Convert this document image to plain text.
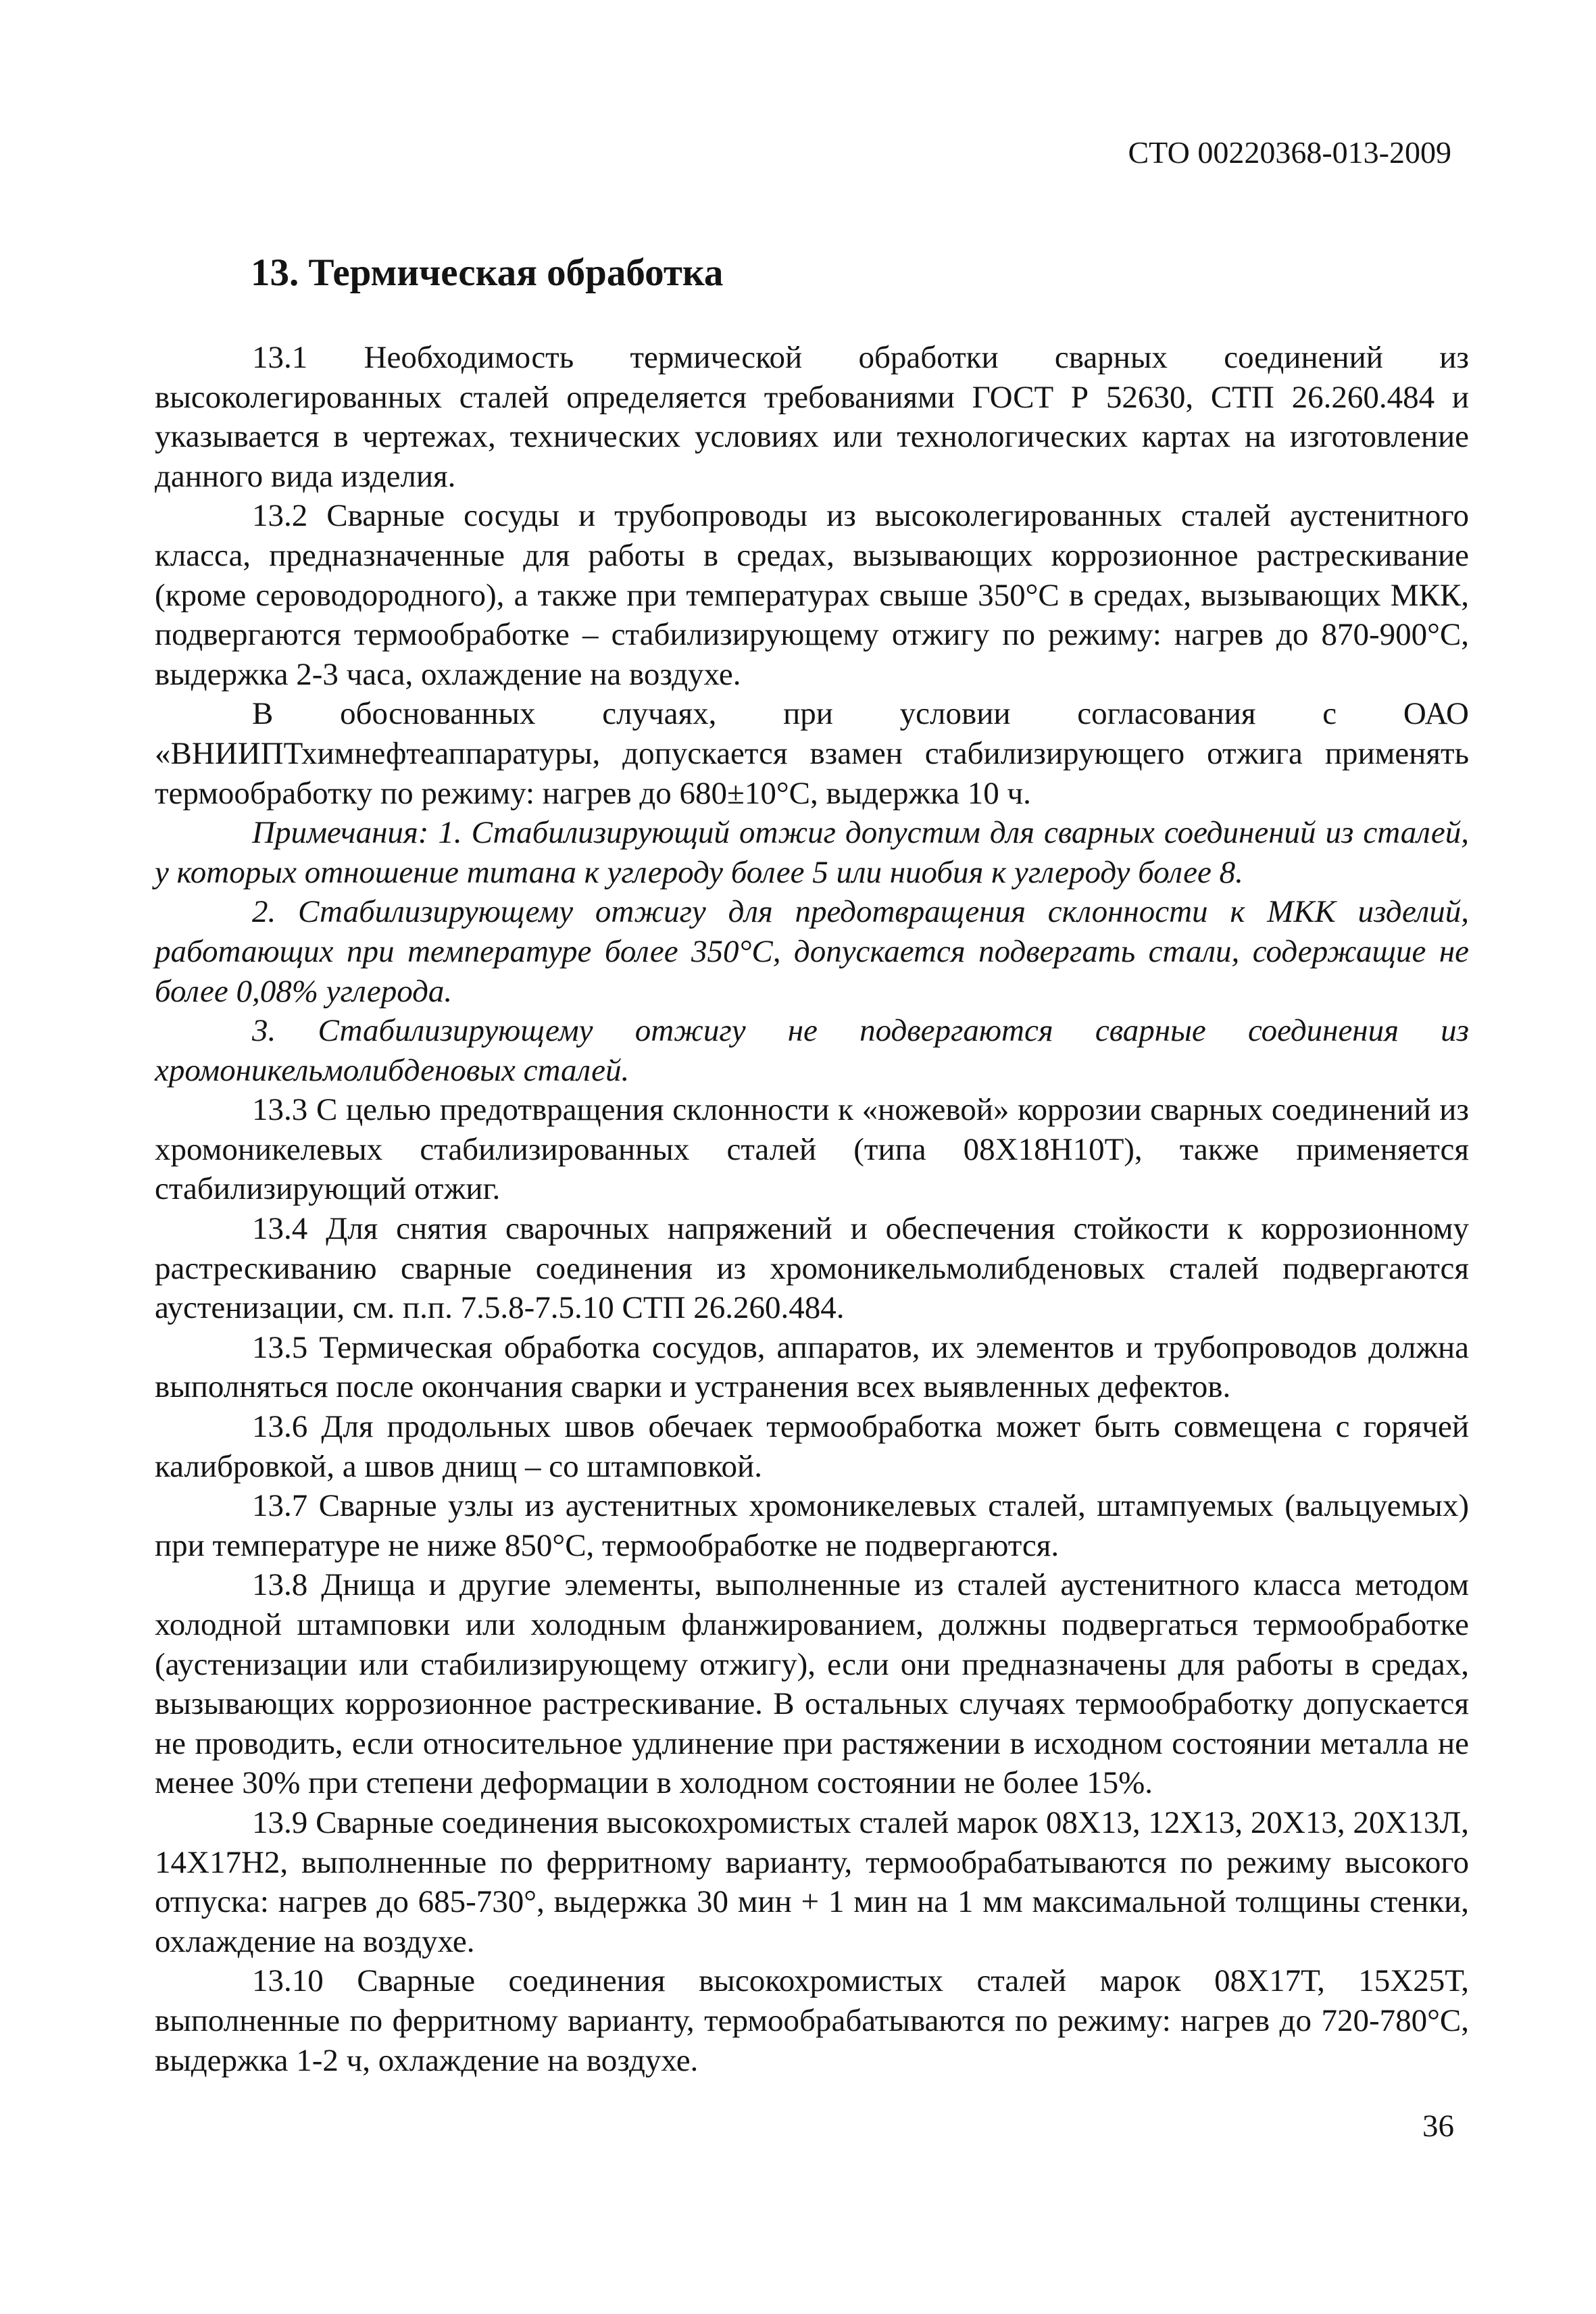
СТО 00220368-013-2009
13. Термическая обработка

13.1 Необходимость термической обработки сварных соединений из высоколегированных сталей определяется требованиями ГОСТ Р 52630, СТП 26.260.484 и указывается в чертежах, технических условиях или технологических картах на изготовление данного вида изделия.

13.2 Сварные сосуды и трубопроводы из высоколегированных сталей аустенитного класса, предназначенные для работы в средах, вызывающих коррозионное растрескивание (кроме сероводородного), а также при температурах свыше 350°С в средах, вызывающих МКК, подвергаются термообработке – стабилизирующему отжигу по режиму: нагрев до 870-900°С, выдержка 2-3 часа, охлаждение на воздухе.

В обоснованных случаях, при условии согласования с ОАО «ВНИИПТхимнефтеаппаратуры, допускается взамен стабилизирующего отжига применять термообработку по режиму: нагрев до 680±10°С, выдержка 10 ч.

Примечания: 1. Стабилизирующий отжиг допустим для сварных соединений из сталей, у которых отношение титана к углероду более 5 или ниобия к углероду более 8.

2. Стабилизирующему отжигу для предотвращения склонности к МКК изделий, работающих при температуре более 350°С, допускается подвергать стали, содержащие не более 0,08% углерода.

3. Стабилизирующему отжигу не подвергаются сварные соединения из хромоникельмолибденовых сталей.

13.3 С целью предотвращения склонности к «ножевой» коррозии сварных соединений из хромоникелевых стабилизированных сталей (типа 08Х18Н10Т), также применяется стабилизирующий отжиг.

13.4 Для снятия сварочных напряжений и обеспечения стойкости к коррозионному растрескиванию сварные соединения из хромоникельмолибденовых сталей подвергаются аустенизации, см. п.п. 7.5.8-7.5.10 СТП 26.260.484.

13.5 Термическая обработка сосудов, аппаратов, их элементов и трубопроводов должна выполняться после окончания сварки и устранения всех выявленных дефектов.

13.6 Для продольных швов обечаек термообработка может быть совмещена с горячей калибровкой, а швов днищ – со штамповкой.

13.7 Сварные узлы из аустенитных хромоникелевых сталей, штампуемых (вальцуемых) при температуре не ниже 850°С, термообработке не подвергаются.

13.8 Днища и другие элементы, выполненные из сталей аустенитного класса методом холодной штамповки или холодным фланжированием, должны подвергаться термообработке (аустенизации или стабилизирующему отжигу), если они предназначены для работы в средах, вызывающих коррозионное растрескивание. В остальных случаях термообработку допускается не проводить, если относительное удлинение при растяжении в исходном состоянии металла не менее 30% при степени деформации в холодном состоянии не более 15%.

13.9 Сварные соединения высокохромистых сталей марок 08Х13, 12Х13, 20Х13, 20Х13Л, 14Х17Н2, выполненные по ферритному варианту, термообрабатываются по режиму высокого отпуска: нагрев до 685-730°, выдержка 30 мин + 1 мин на 1 мм максимальной толщины стенки, охлаждение на воздухе.

13.10 Сварные соединения высокохромистых сталей марок 08Х17Т, 15Х25Т, выполненные по ферритному варианту, термообрабатываются по режиму: нагрев до 720-780°С, выдержка 1-2 ч, охлаждение на воздухе.

36
